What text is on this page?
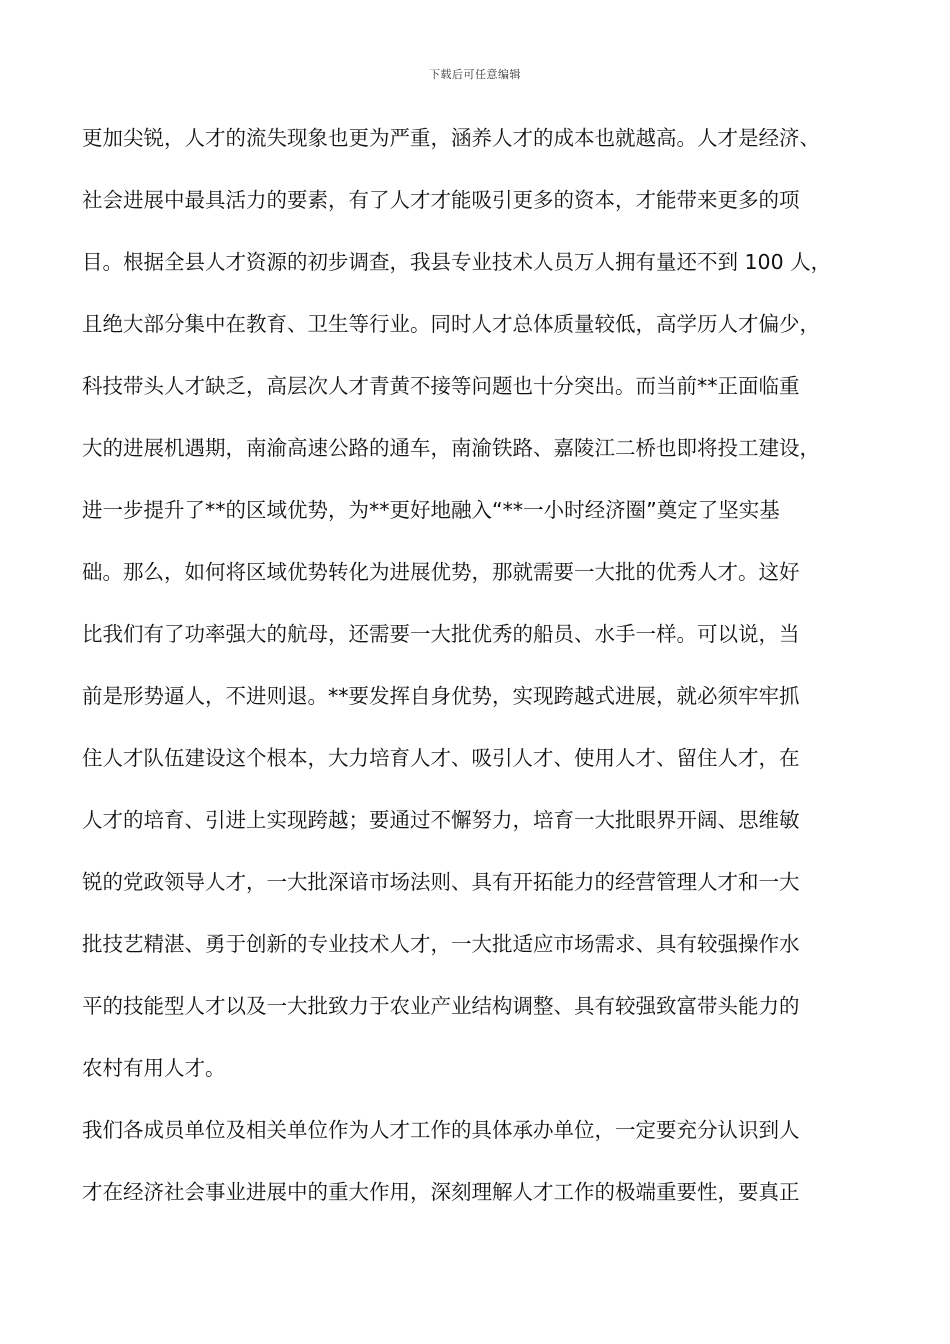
下载后可任意编辑
更加尖锐，人才的流失现象也更为严重，涵养人才的成本也就越高。人才是经济、
社会进展中最具活力的要素，有了人才才能吸引更多的资本，才能带来更多的项
目。根据全县人才资源的初步调查，我县专业技术人员万人拥有量还不到 100 人，
且绝大部分集中在教育、卫生等行业。同时人才总体质量较低，高学历人才偏少，
科技带头人才缺乏，高层次人才青黄不接等问题也十分突出。而当前**正面临重
大的进展机遇期，南渝高速公路的通车，南渝铁路、嘉陵江二桥也即将投工建设，
进一步提升了**的区域优势，为**更好地融入“**一小时经济圈”奠定了坚实基
础。那么，如何将区域优势转化为进展优势，那就需要一大批的优秀人才。这好
比我们有了功率强大的航母，还需要一大批优秀的船员、水手一样。可以说，当
前是形势逼人，不进则退。**要发挥自身优势，实现跨越式进展，就必须牢牢抓
住人才队伍建设这个根本，大力培育人才、吸引人才、使用人才、留住人才，在
人才的培育、引进上实现跨越；要通过不懈努力，培育一大批眼界开阔、思维敏
锐的党政领导人才，一大批深谙市场法则、具有开拓能力的经营管理人才和一大
批技艺精湛、勇于创新的专业技术人才，一大批适应市场需求、具有较强操作水
平的技能型人才以及一大批致力于农业产业结构调整、具有较强致富带头能力的
农村有用人才。
我们各成员单位及相关单位作为人才工作的具体承办单位，一定要充分认识到人
才在经济社会事业进展中的重大作用，深刻理解人才工作的极端重要性，要真正
